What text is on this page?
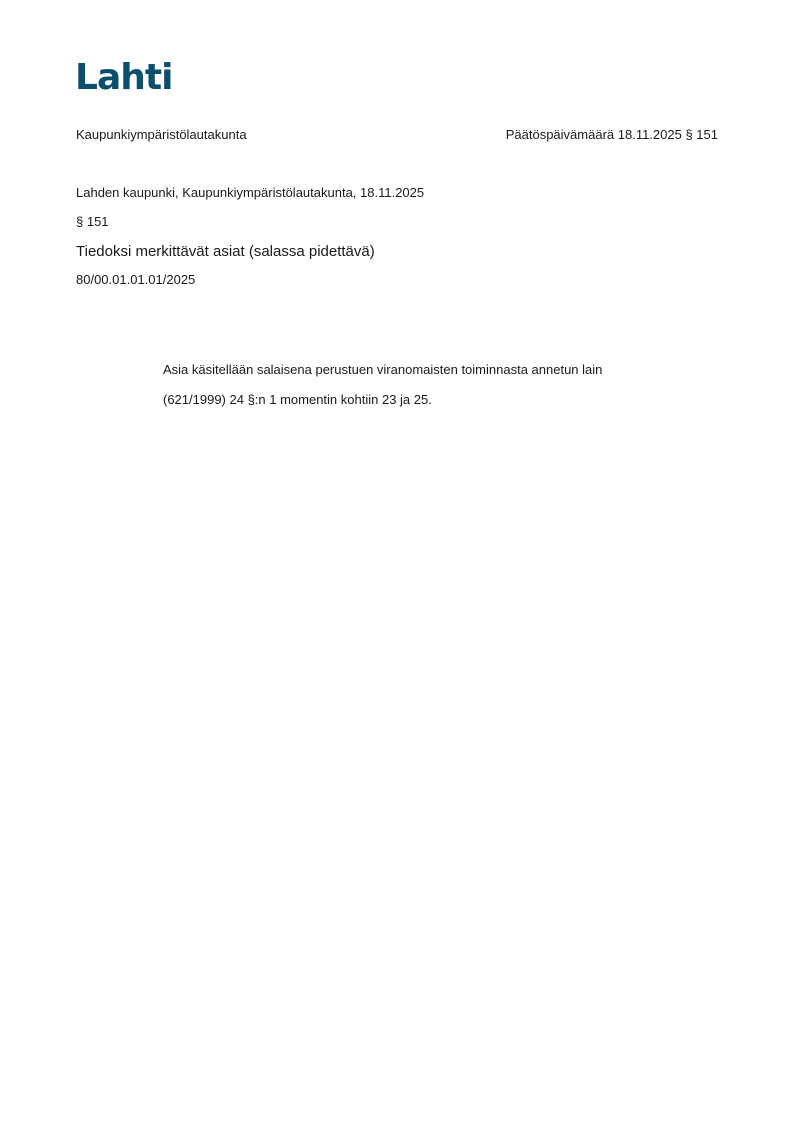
Lahti
Kaupunkiympäristölautakunta	Päätöspäivämäärä 18.11.2025 § 151
Lahden kaupunki, Kaupunkiympäristölautakunta, 18.11.2025
§ 151
Tiedoksi merkittävät asiat (salassa pidettävä)
80/00.01.01.01/2025
Asia käsitellään salaisena perustuen viranomaisten toiminnasta annetun lain
(621/1999) 24 §:n 1 momentin kohtiin 23 ja 25.
